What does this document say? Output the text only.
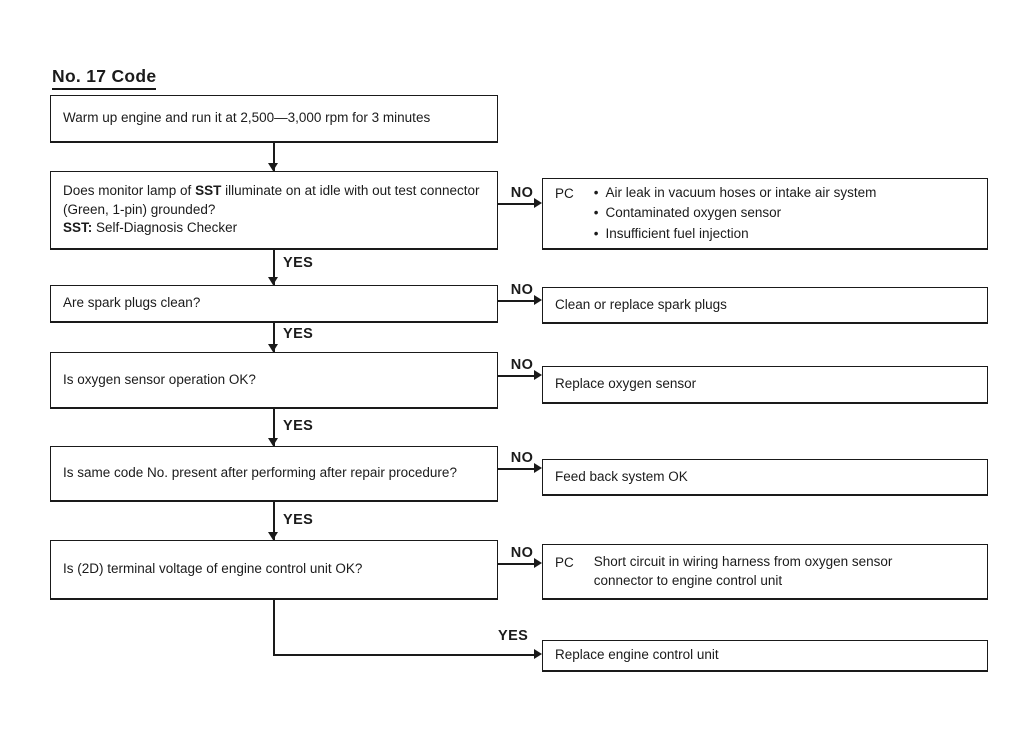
No. 17 Code
Warm up engine and run it at 2,500—3,000 rpm for 3 minutes
Does monitor lamp of SST illuminate on at idle with out test connector (Green, 1-pin) grounded?
SST: Self-Diagnosis Checker
NO	PC • Air leak in vacuum hoses or intake air system
• Contaminated oxygen sensor
• Insufficient fuel injection
YES
Are spark plugs clean?
NO
Clean or replace spark plugs
YES
Is oxygen sensor operation OK?
NO
Replace oxygen sensor
YES
Is same code No. present after performing after repair procedure?
NO
Feed back system OK
YES
Is (2D) terminal voltage of engine control unit OK?
NO
PC Short circuit in wiring harness from oxygen sensor connector to engine control unit
YES
Replace engine control unit
